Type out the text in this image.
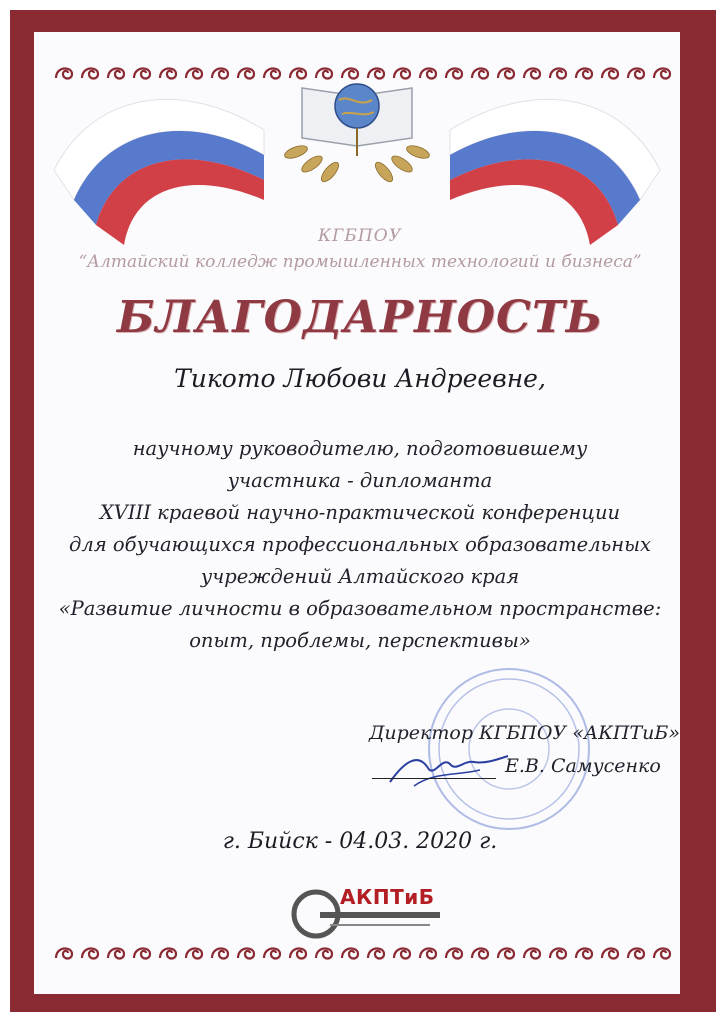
КГБПОУ
“Алтайский колледж промышленных технологий и бизнеса”
БЛАГОДАРНОСТЬ
Тикото Любови Андреевне,
научному руководителю, подготовившему
участника - дипломанта
XVIII краевой научно-практической конференции
для обучающихся профессиональных образовательных
учреждений Алтайского края
«Развитие личности в образовательном пространстве:
опыт, проблемы, перспективы»
Директор КГБПОУ «АКПТиБ»
Е.В. Самусенко
г. Бийск - 04.03. 2020 г.
АКПТиБ
